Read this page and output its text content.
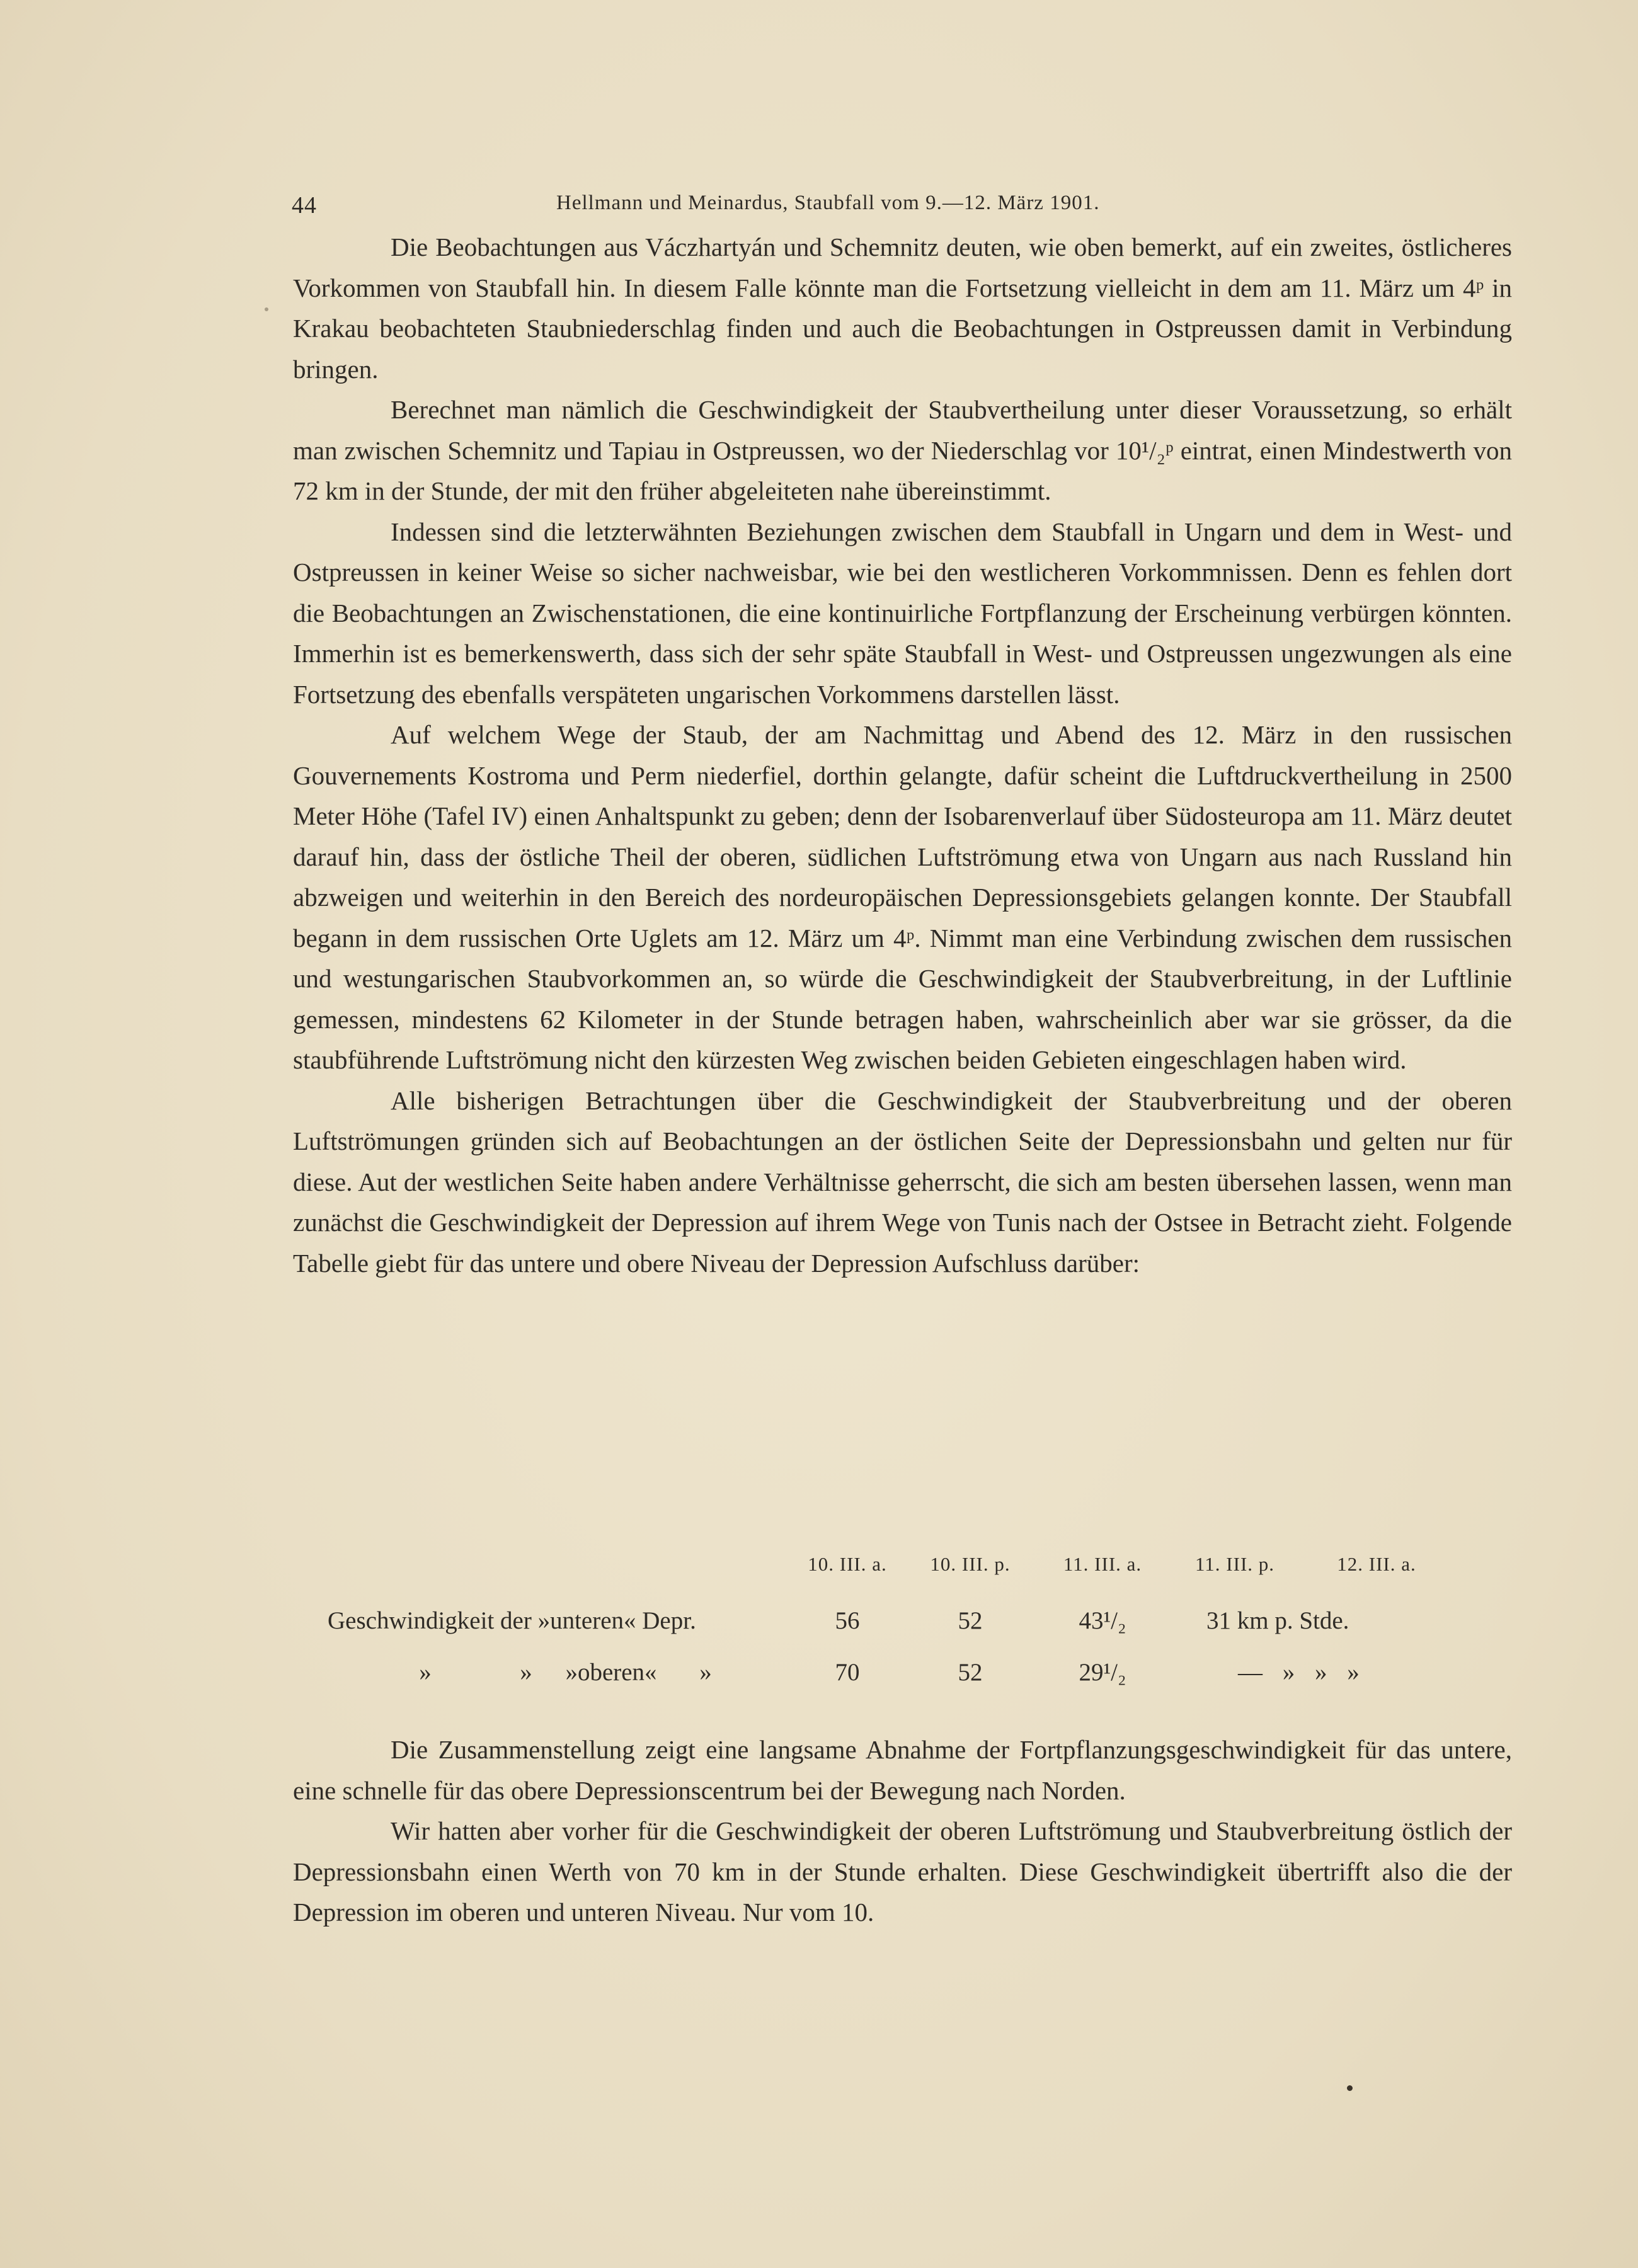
44	Hellmann und Meinardus, Staubfall vom 9.—12. März 1901.

Die Beobachtungen aus Váczhartyán und Schemnitz deuten, wie oben bemerkt, auf ein zweites, östlicheres Vorkommen von Staubfall hin. In diesem Falle könnte man die Fortsetzung vielleicht in dem am 11. März um 4ᵖ in Krakau beobachteten Staubniederschlag finden und auch die Beobachtungen in Ostpreussen damit in Verbindung bringen.

Berechnet man nämlich die Geschwindigkeit der Staubvertheilung unter dieser Voraussetzung, so erhält man zwischen Schemnitz und Tapiau in Ostpreussen, wo der Niederschlag vor 10¹/₂ᵖ eintrat, einen Mindestwerth von 72 km in der Stunde, der mit den früher abgeleiteten nahe übereinstimmt.

Indessen sind die letzterwähnten Beziehungen zwischen dem Staubfall in Ungarn und dem in West- und Ostpreussen in keiner Weise so sicher nachweisbar, wie bei den westlicheren Vorkommnissen. Denn es fehlen dort die Beobachtungen an Zwischenstationen, die eine kontinuirliche Fortpflanzung der Erscheinung verbürgen könnten. Immerhin ist es bemerkenswerth, dass sich der sehr späte Staubfall in West- und Ostpreussen ungezwungen als eine Fortsetzung des ebenfalls verspäteten ungarischen Vorkommens darstellen lässt.

Auf welchem Wege der Staub, der am Nachmittag und Abend des 12. März in den russischen Gouvernements Kostroma und Perm niederfiel, dorthin gelangte, dafür scheint die Luftdruckvertheilung in 2500 Meter Höhe (Tafel IV) einen Anhaltspunkt zu geben; denn der Isobarenverlauf über Südosteuropa am 11. März deutet darauf hin, dass der östliche Theil der oberen, südlichen Luftströmung etwa von Ungarn aus nach Russland hin abzweigen und weiterhin in den Bereich des nordeuropäischen Depressionsgebiets gelangen konnte. Der Staubfall begann in dem russischen Orte Uglets am 12. März um 4ᵖ. Nimmt man eine Verbindung zwischen dem russischen und westungarischen Staubvorkommen an, so würde die Geschwindigkeit der Staubverbreitung, in der Luftlinie gemessen, mindestens 62 Kilometer in der Stunde betragen haben, wahrscheinlich aber war sie grösser, da die staubführende Luftströmung nicht den kürzesten Weg zwischen beiden Gebieten eingeschlagen haben wird.

Alle bisherigen Betrachtungen über die Geschwindigkeit der Staubverbreitung und der oberen Luftströmungen gründen sich auf Beobachtungen an der östlichen Seite der Depressionsbahn und gelten nur für diese. Aut der westlichen Seite haben andere Verhältnisse geherrscht, die sich am besten übersehen lassen, wenn man zunächst die Geschwindigkeit der Depression auf ihrem Wege von Tunis nach der Ostsee in Betracht zieht. Folgende Tabelle giebt für das untere und obere Niveau der Depression Aufschluss darüber:

	10. III. a.	10. III. p.	11. III. a.	11. III. p.	12. III. a.
Geschwindigkeit der »unteren« Depr.	56	52	43¹/₂	31 km p. Stde.	
» » »oberen« »	70	52	29¹/₂	— » » »	

Die Zusammenstellung zeigt eine langsame Abnahme der Fortpflanzungsgeschwindigkeit für das untere, eine schnelle für das obere Depressionscentrum bei der Bewegung nach Norden.

Wir hatten aber vorher für die Geschwindigkeit der oberen Luftströmung und Staubverbreitung östlich der Depressionsbahn einen Werth von 70 km in der Stunde erhalten. Diese Geschwindigkeit übertrifft also die der Depression im oberen und unteren Niveau. Nur vom 10.
